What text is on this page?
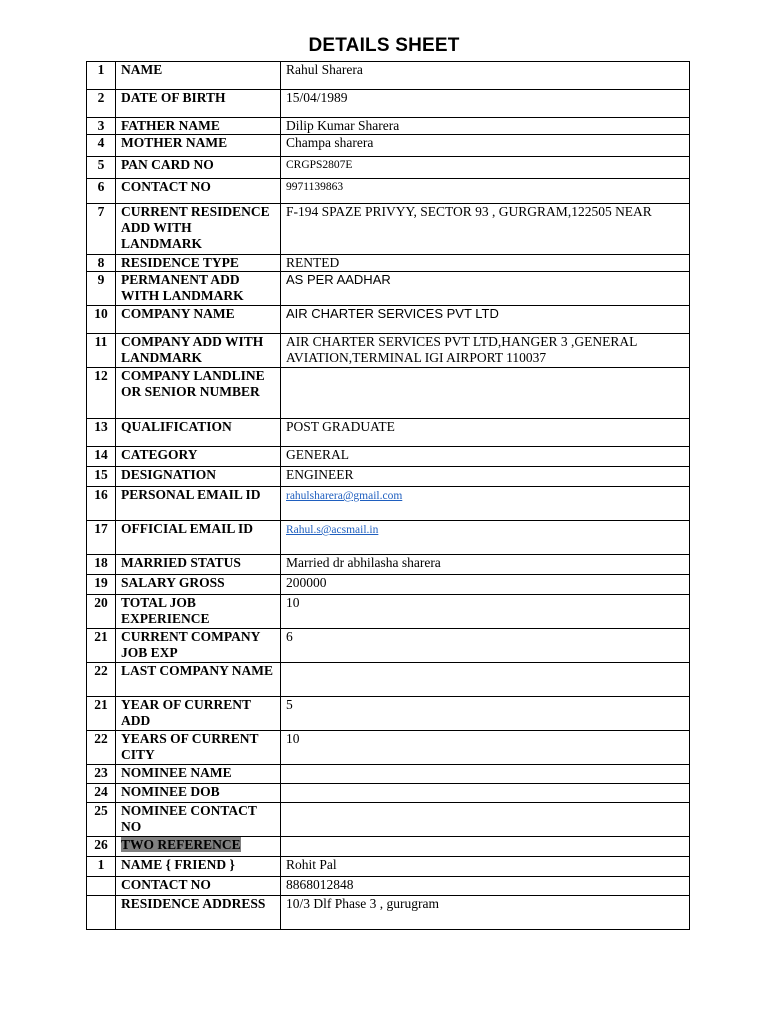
DETAILS SHEET
1	NAME	Rahul Sharera
2	DATE OF BIRTH	15/04/1989
3	FATHER NAME	Dilip Kumar Sharera
4	MOTHER NAME	Champa sharera
5	PAN CARD NO	CRGPS2807E
6	CONTACT NO	9971139863
7	CURRENT RESIDENCE ADD WITH LANDMARK	F-194 SPAZE PRIVYY, SECTOR 93 , GURGRAM,122505 NEAR
8	RESIDENCE TYPE	RENTED
9	PERMANENT ADD WITH LANDMARK	AS PER AADHAR
10	COMPANY NAME	AIR CHARTER SERVICES PVT LTD
11	COMPANY ADD WITH LANDMARK	AIR CHARTER SERVICES PVT LTD,HANGER 3 ,GENERAL AVIATION,TERMINAL IGI AIRPORT 110037
12	COMPANY LANDLINE OR SENIOR NUMBER	
13	QUALIFICATION	POST GRADUATE
14	CATEGORY	GENERAL
15	DESIGNATION	ENGINEER
16	PERSONAL EMAIL ID	rahulsharera@gmail.com
17	OFFICIAL EMAIL ID	Rahul.s@acsmail.in
18	MARRIED STATUS	Married dr abhilasha sharera
19	SALARY GROSS	200000
20	TOTAL JOB EXPERIENCE	10
21	CURRENT COMPANY JOB EXP	6
22	LAST COMPANY NAME	
21	YEAR OF CURRENT ADD	5
22	YEARS OF CURRENT CITY	10
23	NOMINEE NAME	
24	NOMINEE DOB	
25	NOMINEE CONTACT NO	
26	TWO REFERENCE	
1	NAME { FRIEND }	Rohit Pal
	CONTACT NO	8868012848
	RESIDENCE ADDRESS	10/3 Dlf Phase 3 , gurugram
